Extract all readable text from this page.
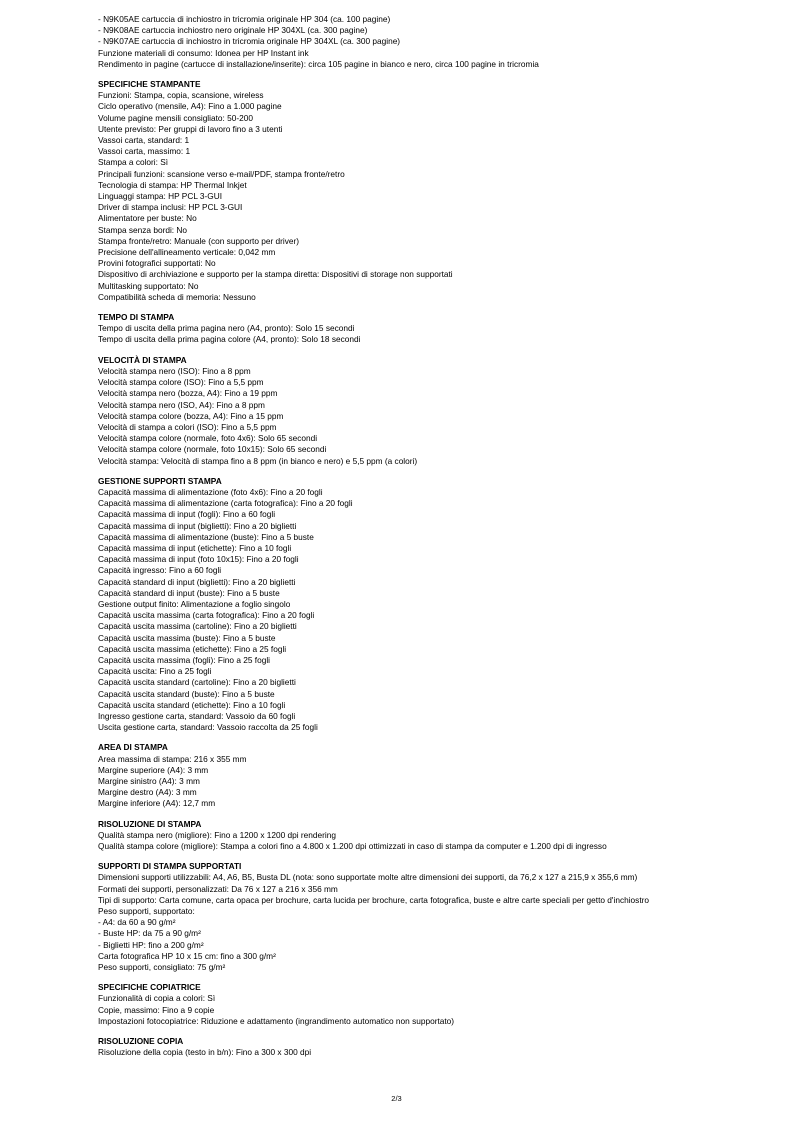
- N9K05AE cartuccia di inchiostro in tricromia originale HP 304 (ca. 100 pagine)
- N9K08AE cartuccia inchiostro nero originale HP 304XL (ca. 300 pagine)
- N9K07AE cartuccia di inchiostro in tricromia originale HP 304XL (ca. 300 pagine)
Funzione materiali di consumo: Idonea per HP Instant ink
Rendimento in pagine (cartucce di installazione/inserite): circa 105 pagine in bianco e nero, circa 100 pagine in tricromia
SPECIFICHE STAMPANTE
Funzioni: Stampa, copia, scansione, wireless
Ciclo operativo (mensile, A4): Fino a 1.000 pagine
Volume pagine mensili consigliato: 50-200
Utente previsto: Per gruppi di lavoro fino a 3 utenti
Vassoi carta, standard: 1
Vassoi carta, massimo: 1
Stampa a colori: Sì
Principali funzioni: scansione verso e-mail/PDF, stampa fronte/retro
Tecnologia di stampa: HP Thermal Inkjet
Linguaggi stampa: HP PCL 3-GUI
Driver di stampa inclusi: HP PCL 3-GUI
Alimentatore per buste: No
Stampa senza bordi: No
Stampa fronte/retro: Manuale (con supporto per driver)
Precisione dell'allineamento verticale: 0,042 mm
Provini fotografici supportati: No
Dispositivo di archiviazione e supporto per la stampa diretta: Dispositivi di storage non supportati
Multitasking supportato: No
Compatibilità scheda di memoria: Nessuno
TEMPO DI STAMPA
Tempo di uscita della prima pagina nero (A4, pronto): Solo 15 secondi
Tempo di uscita della prima pagina colore (A4, pronto): Solo 18 secondi
VELOCITÀ DI STAMPA
Velocità stampa nero (ISO): Fino a 8 ppm
Velocità stampa colore (ISO): Fino a 5,5 ppm
Velocità stampa nero (bozza, A4): Fino a 19 ppm
Velocità stampa nero (ISO, A4): Fino a 8 ppm
Velocità stampa colore (bozza, A4): Fino a 15 ppm
Velocità di stampa a colori (ISO): Fino a 5,5 ppm
Velocità stampa colore (normale, foto 4x6): Solo 65 secondi
Velocità stampa colore (normale, foto 10x15): Solo 65 secondi
Velocità stampa: Velocità di stampa fino a 8 ppm (in bianco e nero) e 5,5 ppm (a colori)
GESTIONE SUPPORTI STAMPA
Capacità massima di alimentazione (foto 4x6): Fino a 20 fogli
Capacità massima di alimentazione (carta fotografica): Fino a 20 fogli
Capacità massima di input (fogli): Fino a 60 fogli
Capacità massima di input (biglietti): Fino a 20 biglietti
Capacità massima di alimentazione (buste): Fino a 5 buste
Capacità massima di input (etichette): Fino a 10 fogli
Capacità massima di input (foto 10x15): Fino a 20 fogli
Capacità ingresso: Fino a 60 fogli
Capacità standard di input (biglietti): Fino a 20 biglietti
Capacità standard di input (buste): Fino a 5 buste
Gestione output finito: Alimentazione a foglio singolo
Capacità uscita massima (carta fotografica): Fino a 20 fogli
Capacità uscita massima (cartoline): Fino a 20 biglietti
Capacità uscita massima (buste): Fino a 5 buste
Capacità uscita massima (etichette): Fino a 25 fogli
Capacità uscita massima (fogli): Fino a 25 fogli
Capacità uscita: Fino a 25 fogli
Capacità uscita standard (cartoline): Fino a 20 biglietti
Capacità uscita standard (buste): Fino a 5 buste
Capacità uscita standard (etichette): Fino a 10 fogli
Ingresso gestione carta, standard: Vassoio da 60 fogli
Uscita gestione carta, standard: Vassoio raccolta da 25 fogli
AREA DI STAMPA
Area massima di stampa: 216 x 355 mm
Margine superiore (A4): 3 mm
Margine sinistro (A4): 3 mm
Margine destro (A4): 3 mm
Margine inferiore (A4): 12,7 mm
RISOLUZIONE DI STAMPA
Qualità stampa nero (migliore): Fino a 1200 x 1200 dpi rendering
Qualità stampa colore (migliore): Stampa a colori fino a 4.800 x 1.200 dpi ottimizzati in caso di stampa da computer e 1.200 dpi di ingresso
SUPPORTI DI STAMPA SUPPORTATI
Dimensioni supporti utilizzabili: A4, A6, B5, Busta DL (nota: sono supportate molte altre dimensioni dei supporti, da 76,2 x 127 a 215,9 x 355,6 mm)
Formati dei supporti, personalizzati: Da 76 x 127 a 216 x 356 mm
Tipi di supporto: Carta comune, carta opaca per brochure, carta lucida per brochure, carta fotografica, buste e altre carte speciali per getto d'inchiostro
Peso supporti, supportato:
- A4: da 60 a 90 g/m²
- Buste HP: da 75 a 90 g/m²
- Biglietti HP: fino a 200 g/m²
Carta fotografica HP 10 x 15 cm: fino a 300 g/m²
Peso supporti, consigliato: 75 g/m²
SPECIFICHE COPIATRICE
Funzionalità di copia a colori: Sì
Copie, massimo: Fino a 9 copie
Impostazioni fotocopiatrice: Riduzione e adattamento (ingrandimento automatico non supportato)
RISOLUZIONE COPIA
Risoluzione della copia (testo in b/n): Fino a 300 x 300 dpi
2/3
